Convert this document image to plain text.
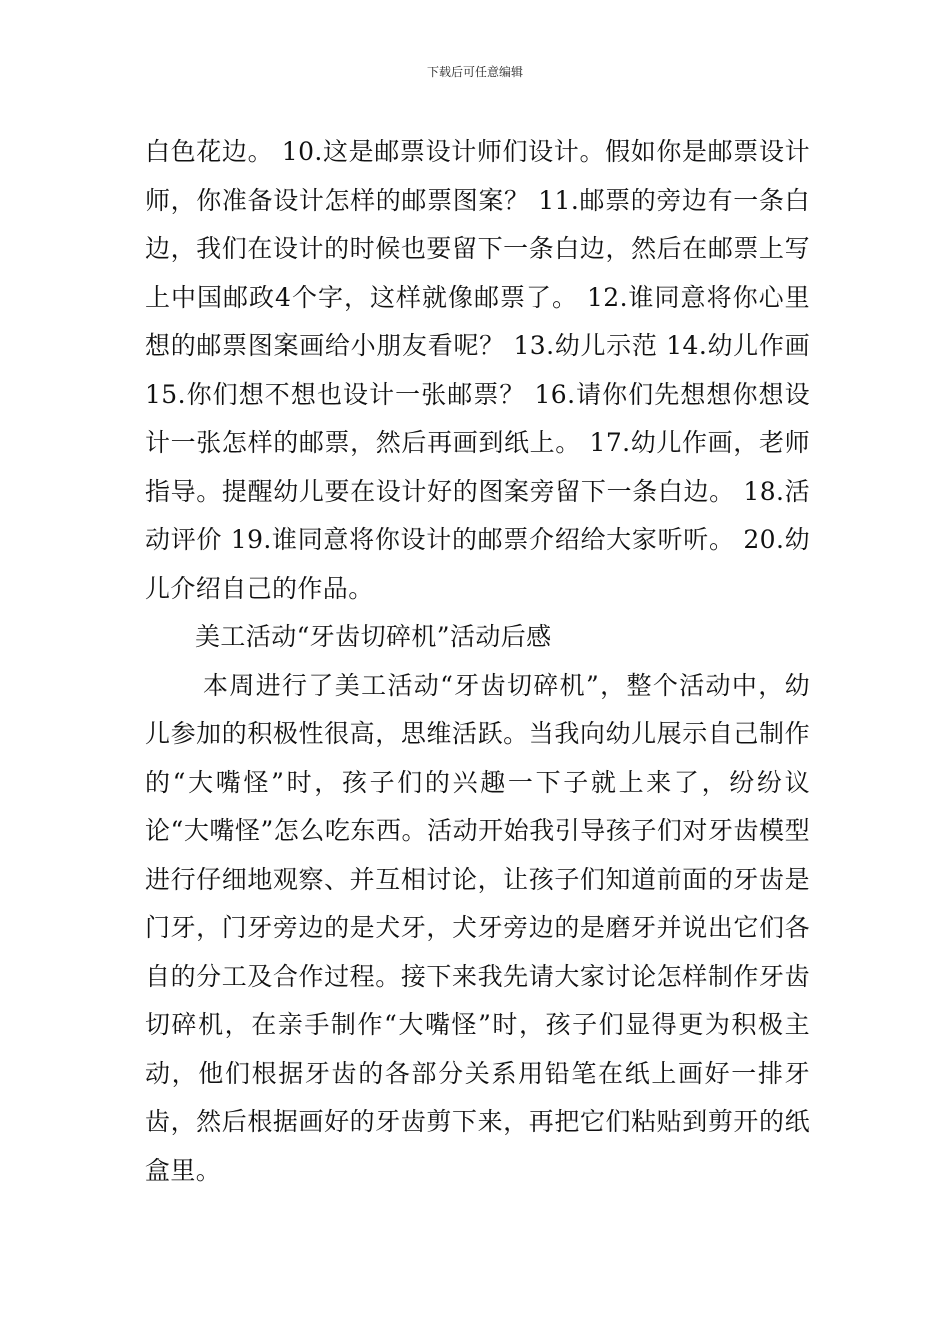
下载后可任意编辑

白色花边。 10.这是邮票设计师们设计。假如你是邮票设计师，你准备设计怎样的邮票图案？ 11.邮票的旁边有一条白边，我们在设计的时候也要留下一条白边，然后在邮票上写上中国邮政4个字，这样就像邮票了。 12.谁同意将你心里想的邮票图案画给小朋友看呢？ 13.幼儿示范 14.幼儿作画 15.你们想不想也设计一张邮票？ 16.请你们先想想你想设计一张怎样的邮票，然后再画到纸上。 17.幼儿作画，老师指导。提醒幼儿要在设计好的图案旁留下一条白边。 18.活动评价 19.谁同意将你设计的邮票介绍给大家听听。 20.幼儿介绍自己的作品。

美工活动“牙齿切碎机”活动后感

本周进行了美工活动“牙齿切碎机”，整个活动中，幼儿参加的积极性很高，思维活跃。当我向幼儿展示自己制作的“大嘴怪”时，孩子们的兴趣一下子就上来了，纷纷议论“大嘴怪”怎么吃东西。活动开始我引导孩子们对牙齿模型进行仔细地观察、并互相讨论，让孩子们知道前面的牙齿是门牙，门牙旁边的是犬牙，犬牙旁边的是磨牙并说出它们各自的分工及合作过程。接下来我先请大家讨论怎样制作牙齿切碎机，在亲手制作“大嘴怪”时，孩子们显得更为积极主动，他们根据牙齿的各部分关系用铅笔在纸上画好一排牙齿，然后根据画好的牙齿剪下来，再把它们粘贴到剪开的纸盒里。
